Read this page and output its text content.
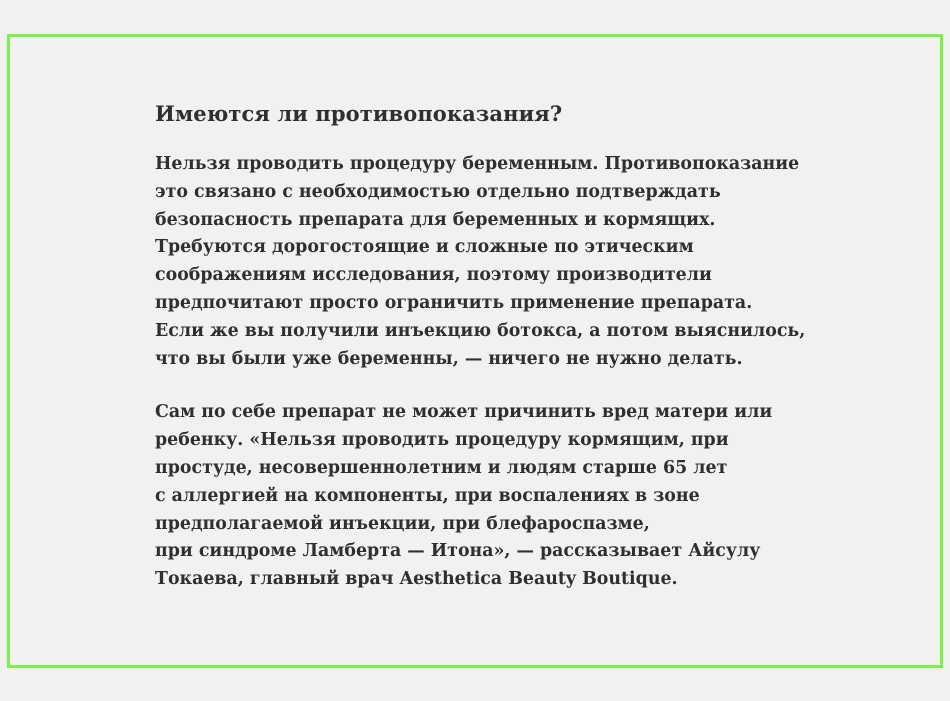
Имеются ли противопоказания?

Нельзя проводить процедуру беременным. Противопоказание
это связано с необходимостью отдельно подтверждать
безопасность препарата для беременных и кормящих.
Требуются дорогостоящие и сложные по этическим
соображениям исследования, поэтому производители
предпочитают просто ограничить применение препарата.
Если же вы получили инъекцию ботокса, а потом выяснилось,
что вы были уже беременны, — ничего не нужно делать.

Сам по себе препарат не может причинить вред матери или
ребенку. «Нельзя проводить процедуру кормящим, при
простуде, несовершеннолетним и людям старше 65 лет
с аллергией на компоненты, при воспалениях в зоне
предполагаемой инъекции, при блефароспазме,
при синдроме Ламберта — Итона», — рассказывает Айсулу
Токаева, главный врач Aesthetica Beauty Boutique.
